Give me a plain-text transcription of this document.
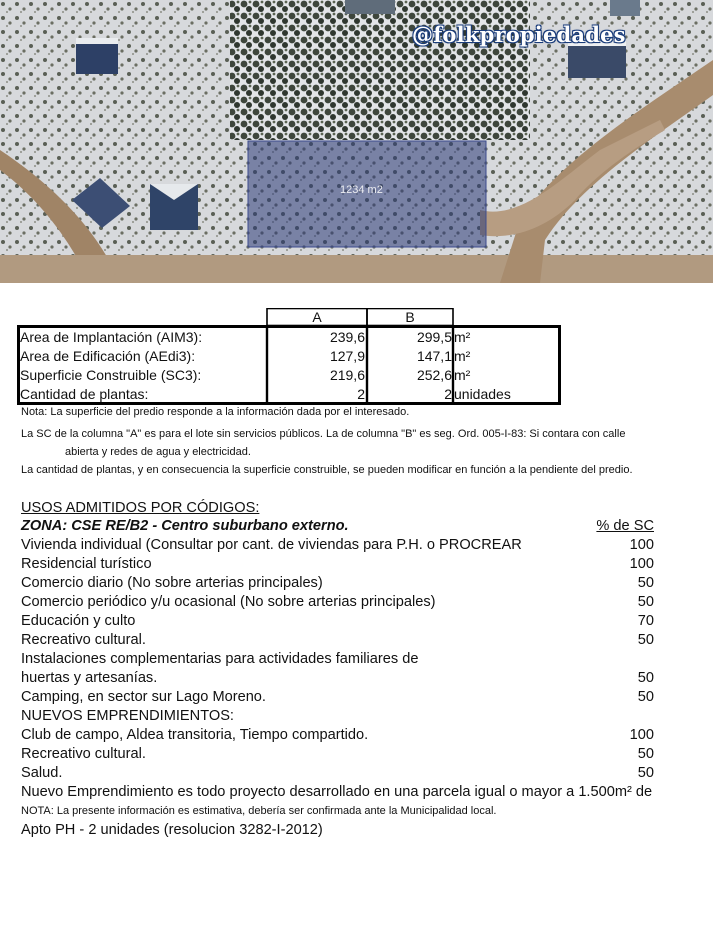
@folkpropiedades
1234 m2
A	B
Area de Implantación (AIM3):	239,6	299,5 m²
Area de Edificación (AEdi3):	127,9	147,1 m²
Superficie Construible (SC3):	219,6	252,6 m²
Cantidad de plantas:	2	2 unidades
Nota: La superficie del predio responde a la información dada por el interesado.
La SC de la columna "A" es para el lote sin servicios públicos. La de columna "B" es seg. Ord. 005-I-83: Si contara con calle
abierta y redes de agua y electricidad.
La cantidad de plantas, y en consecuencia la superficie construible, se pueden modificar en función a la pendiente del predio.
USOS ADMITIDOS POR CÓDIGOS:
ZONA: CSE RE/B2 - Centro suburbano externo.	% de SC
Vivienda individual (Consultar por cant. de viviendas para P.H. o PROCREAR	100
Residencial turístico	100
Comercio diario (No sobre arterias principales)	50
Comercio periódico y/u ocasional (No sobre arterias principales)	50
Educación y culto	70
Recreativo cultural.	50
Instalaciones complementarias para actividades familiares de
huertas y artesanías.	50
Camping, en sector sur Lago Moreno.	50
NUEVOS EMPRENDIMIENTOS:
Club de campo, Aldea transitoria, Tiempo compartido.	100
Recreativo cultural.	50
Salud.	50
Nuevo Emprendimiento es todo proyecto desarrollado en una parcela igual o mayor a 1.500m² de
NOTA: La presente información es estimativa, debería ser confirmada ante la Municipalidad local.
Apto PH - 2 unidades (resolucion 3282-I-2012)
